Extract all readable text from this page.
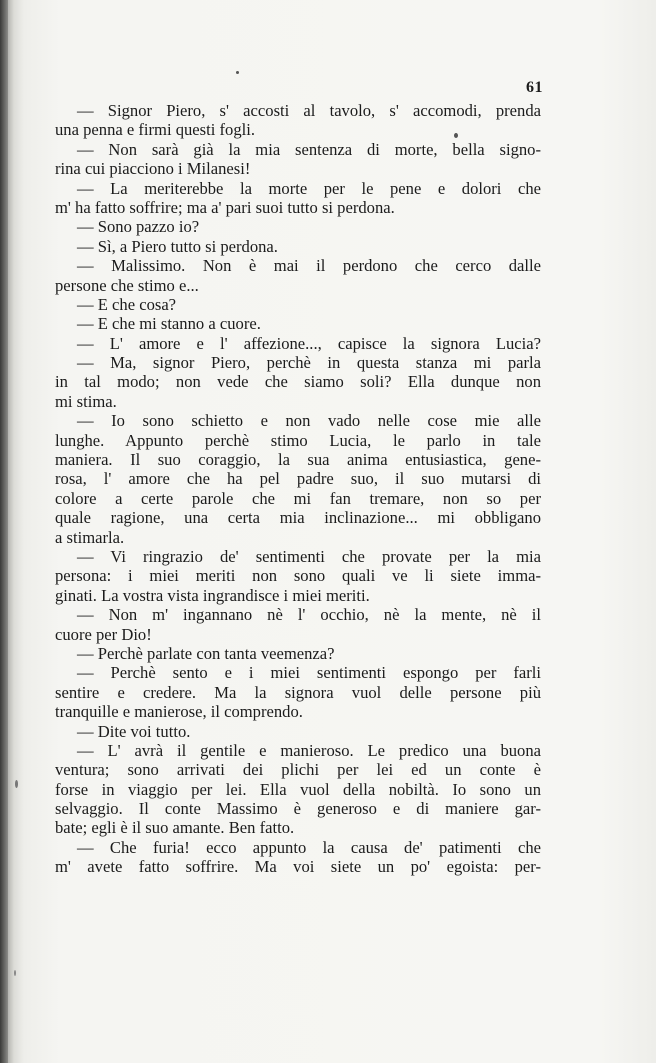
61
— Signor Piero, s' accosti al tavolo, s' accomodi, prenda
una penna e firmi questi fogli.
— Non sarà già la mia sentenza di morte, bella signo-
rina cui piacciono i Milanesi!
— La meriterebbe la morte per le pene e dolori che
m' ha fatto soffrire; ma a' pari suoi tutto si perdona.
— Sono pazzo io?
— Sì, a Piero tutto si perdona.
— Malissimo. Non è mai il perdono che cerco dalle
persone che stimo e...
— E che cosa?
— E che mi stanno a cuore.
— L' amore e l' affezione..., capisce la signora Lucia?
— Ma, signor Piero, perchè in questa stanza mi parla
in tal modo; non vede che siamo soli? Ella dunque non
mi stima.
— Io sono schietto e non vado nelle cose mie alle
lunghe. Appunto perchè stimo Lucia, le parlo in tale
maniera. Il suo coraggio, la sua anima entusiastica, gene-
rosa, l' amore che ha pel padre suo, il suo mutarsi di
colore a certe parole che mi fan tremare, non so per
quale ragione, una certa mia inclinazione... mi obbligano
a stimarla.
— Vi ringrazio de' sentimenti che provate per la mia
persona: i miei meriti non sono quali ve li siete imma-
ginati. La vostra vista ingrandisce i miei meriti.
— Non m' ingannano nè l' occhio, nè la mente, nè il
cuore per Dio!
— Perchè parlate con tanta veemenza?
— Perchè sento e i miei sentimenti espongo per farli
sentire e credere. Ma la signora vuol delle persone più
tranquille e manierose, il comprendo.
— Dite voi tutto.
— L' avrà il gentile e manieroso. Le predico una buona
ventura; sono arrivati dei plichi per lei ed un conte è
forse in viaggio per lei. Ella vuol della nobiltà. Io sono un
selvaggio. Il conte Massimo è generoso e di maniere gar-
bate; egli è il suo amante. Ben fatto.
— Che furia! ecco appunto la causa de' patimenti che
m' avete fatto soffrire. Ma voi siete un po' egoista: per-
